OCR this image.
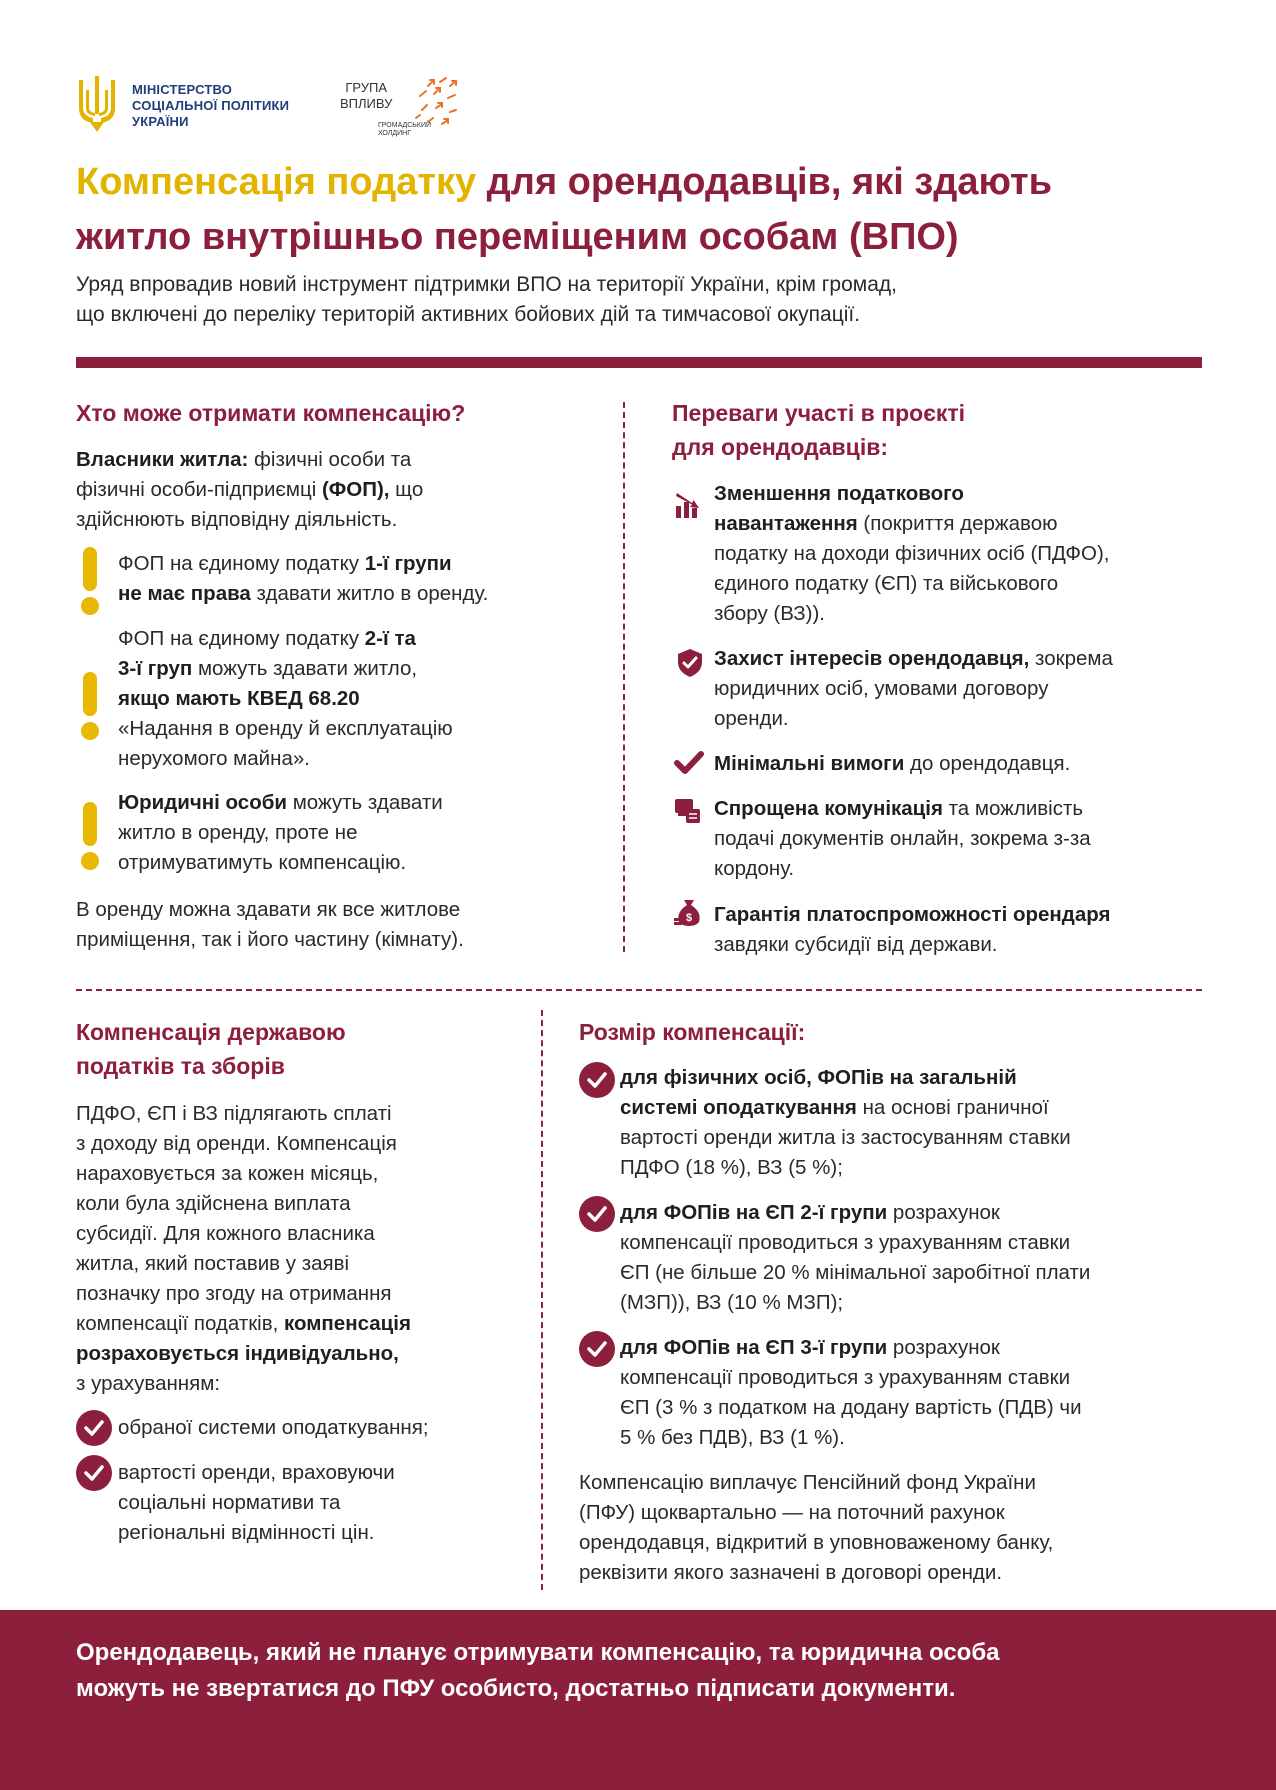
МІНІСТЕРСТВО
СОЦІАЛЬНОЇ ПОЛІТИКИ
УКРАЇНИ
ГРУПА
ВПЛИВУ
ГРОМАДСЬКИЙ
ХОЛДИНГ
Компенсація податку для орендодавців, які здають
житло внутрішньо переміщеним особам (ВПО)

Уряд впровадив новий інструмент підтримки ВПО на території України, крім громад,
що включені до переліку територій активних бойових дій та тимчасової окупації.

Хто може отримати компенсацію?

Власники житла: фізичні особи та
фізичні особи-підприємці (ФОП), що
здійснюють відповідну діяльність.

ФОП на єдиному податку 1-ї групи
не має права здавати житло в оренду.

ФОП на єдиному податку 2-ї та
3-ї груп можуть здавати житло,
якщо мають КВЕД 68.20
«Надання в оренду й експлуатацію
нерухомого майна».

Юридичні особи можуть здавати
житло в оренду, проте не
отримуватимуть компенсацію.

В оренду можна здавати як все житлове
приміщення, так і його частину (кімнату).

Переваги участі в проєкті
для орендодавців:

Зменшення податкового
навантаження (покриття державою
податку на доходи фізичних осіб (ПДФО),
єдиного податку (ЄП) та військового
збору (ВЗ)).

Захист інтересів орендодавця, зокрема
юридичних осіб, умовами договору
оренди.

Мінімальні вимоги до орендодавця.

Спрощена комунікація та можливість
подачі документів онлайн, зокрема з-за
кордону.

$ Гарантія платоспроможності орендаря
завдяки субсидії від держави.

Компенсація державою
податків та зборів

ПДФО, ЄП і ВЗ підлягають сплаті
з доходу від оренди. Компенсація
нараховується за кожен місяць,
коли була здійснена виплата
субсидії. Для кожного власника
житла, який поставив у заяві
позначку про згоду на отримання
компенсації податків, компенсація
розраховується індивідуально,
з урахуванням:

обраної системи оподаткування;

вартості оренди, враховуючи
соціальні нормативи та
регіональні відмінності цін.

Розмір компенсації:

для фізичних осіб, ФОПів на загальній
системі оподаткування на основі граничної
вартості оренди житла із застосуванням ставки
ПДФО (18 %), ВЗ (5 %);

для ФОПів на ЄП 2-ї групи розрахунок
компенсації проводиться з урахуванням ставки
ЄП (не більше 20 % мінімальної заробітної плати
(МЗП)), ВЗ (10 % МЗП);

для ФОПів на ЄП 3-ї групи розрахунок
компенсації проводиться з урахуванням ставки
ЄП (3 % з податком на додану вартість (ПДВ) чи
5 % без ПДВ), ВЗ (1 %).

Компенсацію виплачує Пенсійний фонд України
(ПФУ) щоквартально — на поточний рахунок
орендодавця, відкритий в уповноваженому банку,
реквізити якого зазначені в договорі оренди.

Орендодавець, який не планує отримувати компенсацію, та юридична особа
можуть не звертатися до ПФУ особисто, достатньо підписати документи.
